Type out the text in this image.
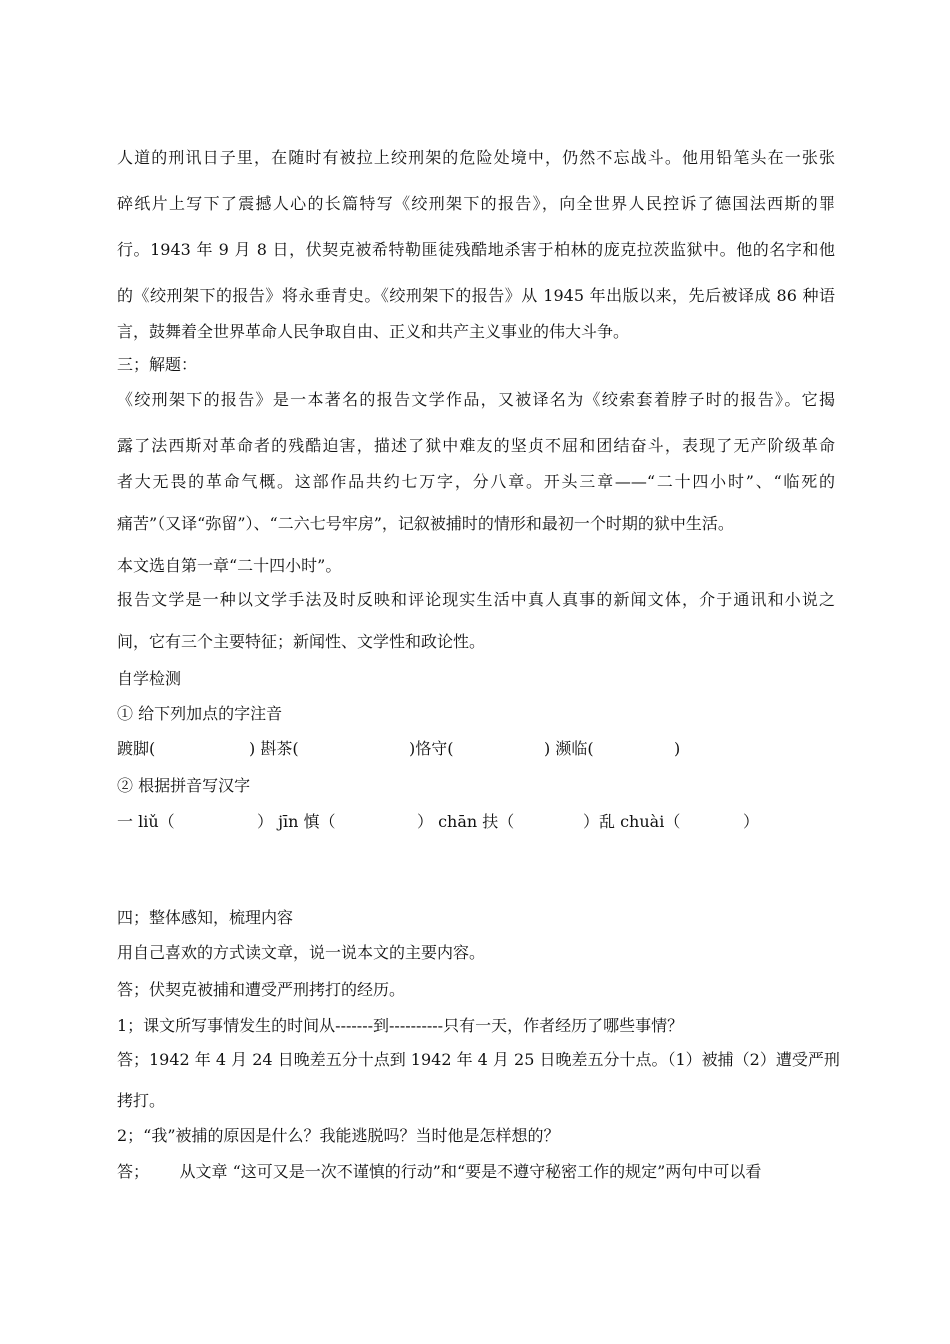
人道的刑讯日子里，在随时有被拉上绞刑架的危险处境中，仍然不忘战斗。他用铅笔头在一张张
碎纸片上写下了震撼人心的长篇特写《绞刑架下的报告》，向全世界人民控诉了德国法西斯的罪
行。1943 年 9 月 8 日，伏契克被希特勒匪徒残酷地杀害于柏林的庞克拉茨监狱中。他的名字和他
的《绞刑架下的报告》将永垂青史。《绞刑架下的报告》从 1945 年出版以来，先后被译成 86 种语
言，鼓舞着全世界革命人民争取自由、正义和共产主义事业的伟大斗争。
三；解题：
《绞刑架下的报告》是一本著名的报告文学作品，又被译名为《绞索套着脖子时的报告》。它揭
露了法西斯对革命者的残酷迫害，描述了狱中难友的坚贞不屈和团结奋斗，表现了无产阶级革命
者大无畏的革命气概。这部作品共约七万字，分八章。开头三章——“二十四小时”、“临死的
痛苦”（又译“弥留”）、“二六七号牢房”，记叙被捕时的情形和最初一个时期的狱中生活。
本文选自第一章“二十四小时”。
报告文学是一种以文学手法及时反映和评论现实生活中真人真事的新闻文体，介于通讯和小说之
间，它有三个主要特征；新闻性、文学性和政论性。
自学检测
① 给下列加点的字注音
踱脚(	) 斟茶(	)恪守(	) 濒临(	)
② 根据拼音写汉字
一 liǔ（	） jīn 慎（	） chān 扶（	）乱 chuài（	）
四；整体感知，梳理内容
用自己喜欢的方式读文章，说一说本文的主要内容。
答；伏契克被捕和遭受严刑拷打的经历。
1；课文所写事情发生的时间从-------到----------只有一天，作者经历了哪些事情？
答；1942 年 4 月 24 日晚差五分十点到 1942 年 4 月 25 日晚差五分十点。（1）被捕（2）遭受严刑
拷打。
2；“我”被捕的原因是什么？我能逃脱吗？当时他是怎样想的？
答；      从文章 “这可又是一次不谨慎的行动”和“要是不遵守秘密工作的规定”两句中可以看
